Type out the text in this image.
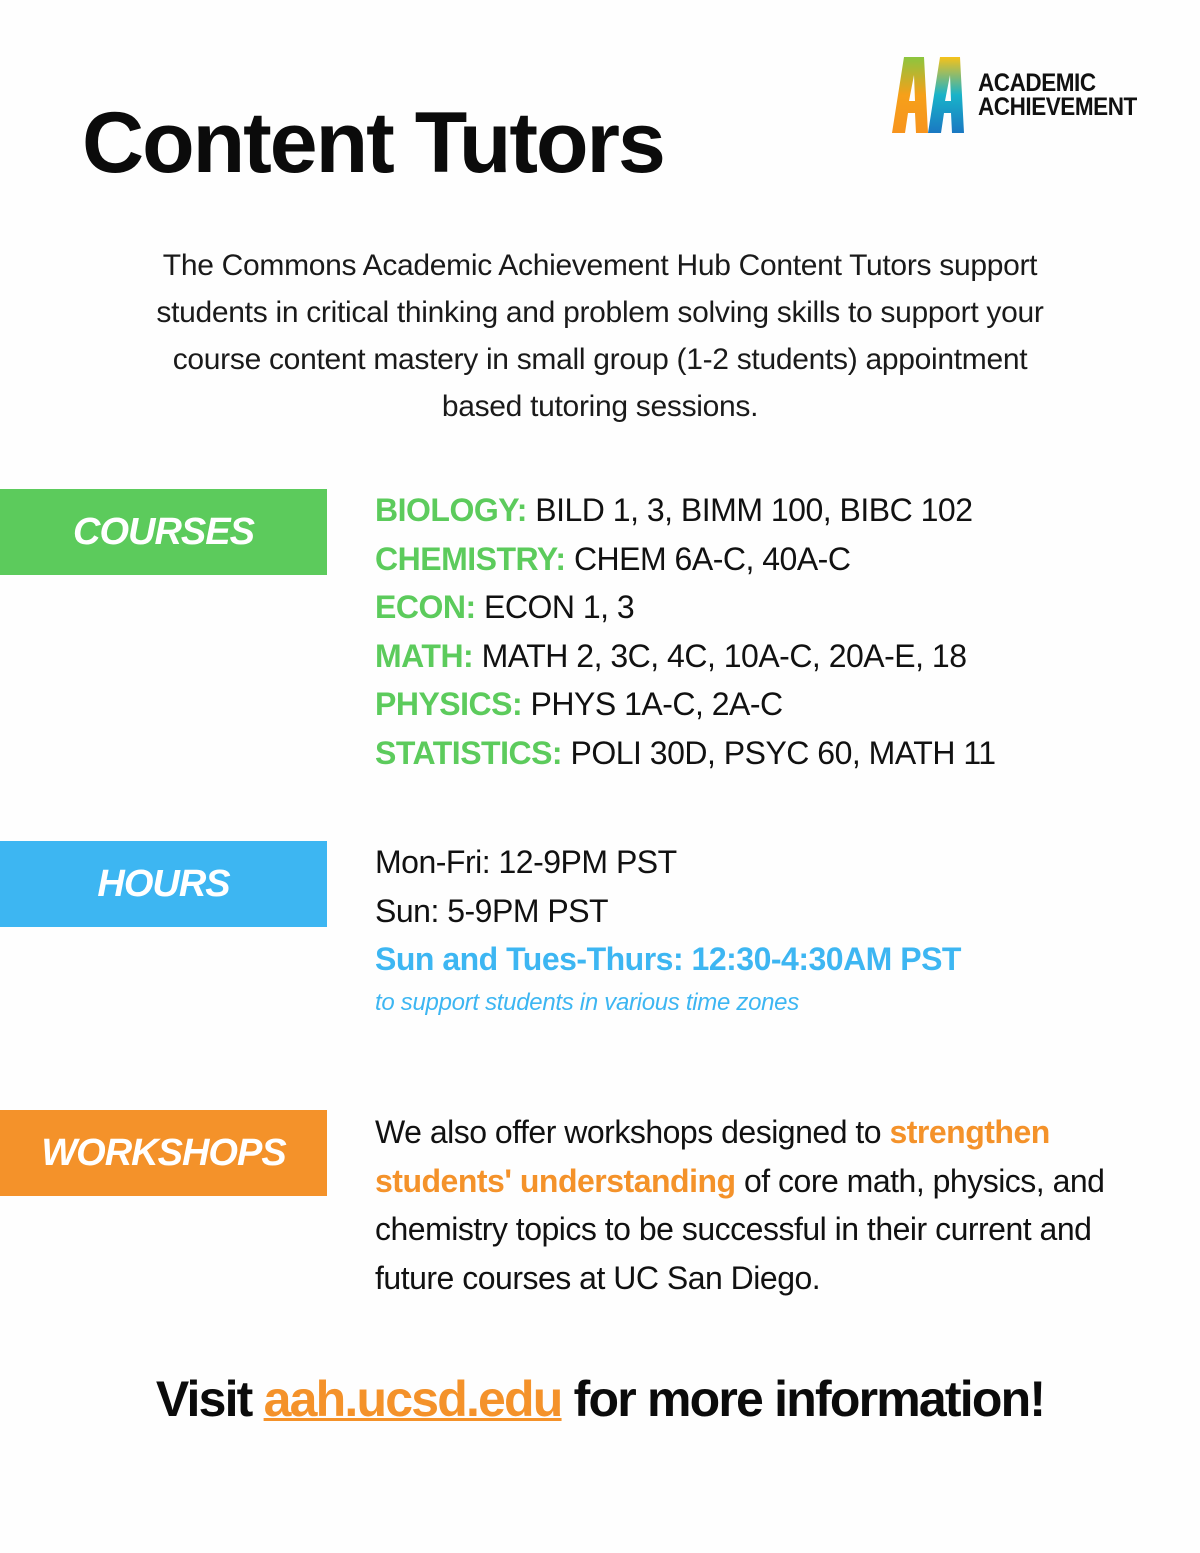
Content Tutors
ACADEMIC
ACHIEVEMENT
The Commons Academic Achievement Hub Content Tutors support students in critical thinking and problem solving skills to support your course content mastery in small group (1-2 students) appointment based tutoring sessions.
COURSES
HOURS
WORKSHOPS
BIOLOGY: BILD 1, 3, BIMM 100, BIBC 102
CHEMISTRY: CHEM 6A-C, 40A-C
ECON: ECON 1, 3
MATH: MATH 2, 3C, 4C, 10A-C, 20A-E, 18
PHYSICS: PHYS 1A-C, 2A-C
STATISTICS: POLI 30D, PSYC 60, MATH 11
Mon-Fri: 12-9PM PST
Sun: 5-9PM PST
Sun and Tues-Thurs: 12:30-4:30AM PST
to support students in various time zones
We also offer workshops designed to strengthen students' understanding of core math, physics, and chemistry topics to be successful in their current and future courses at UC San Diego.
Visit aah.ucsd.edu for more information!
